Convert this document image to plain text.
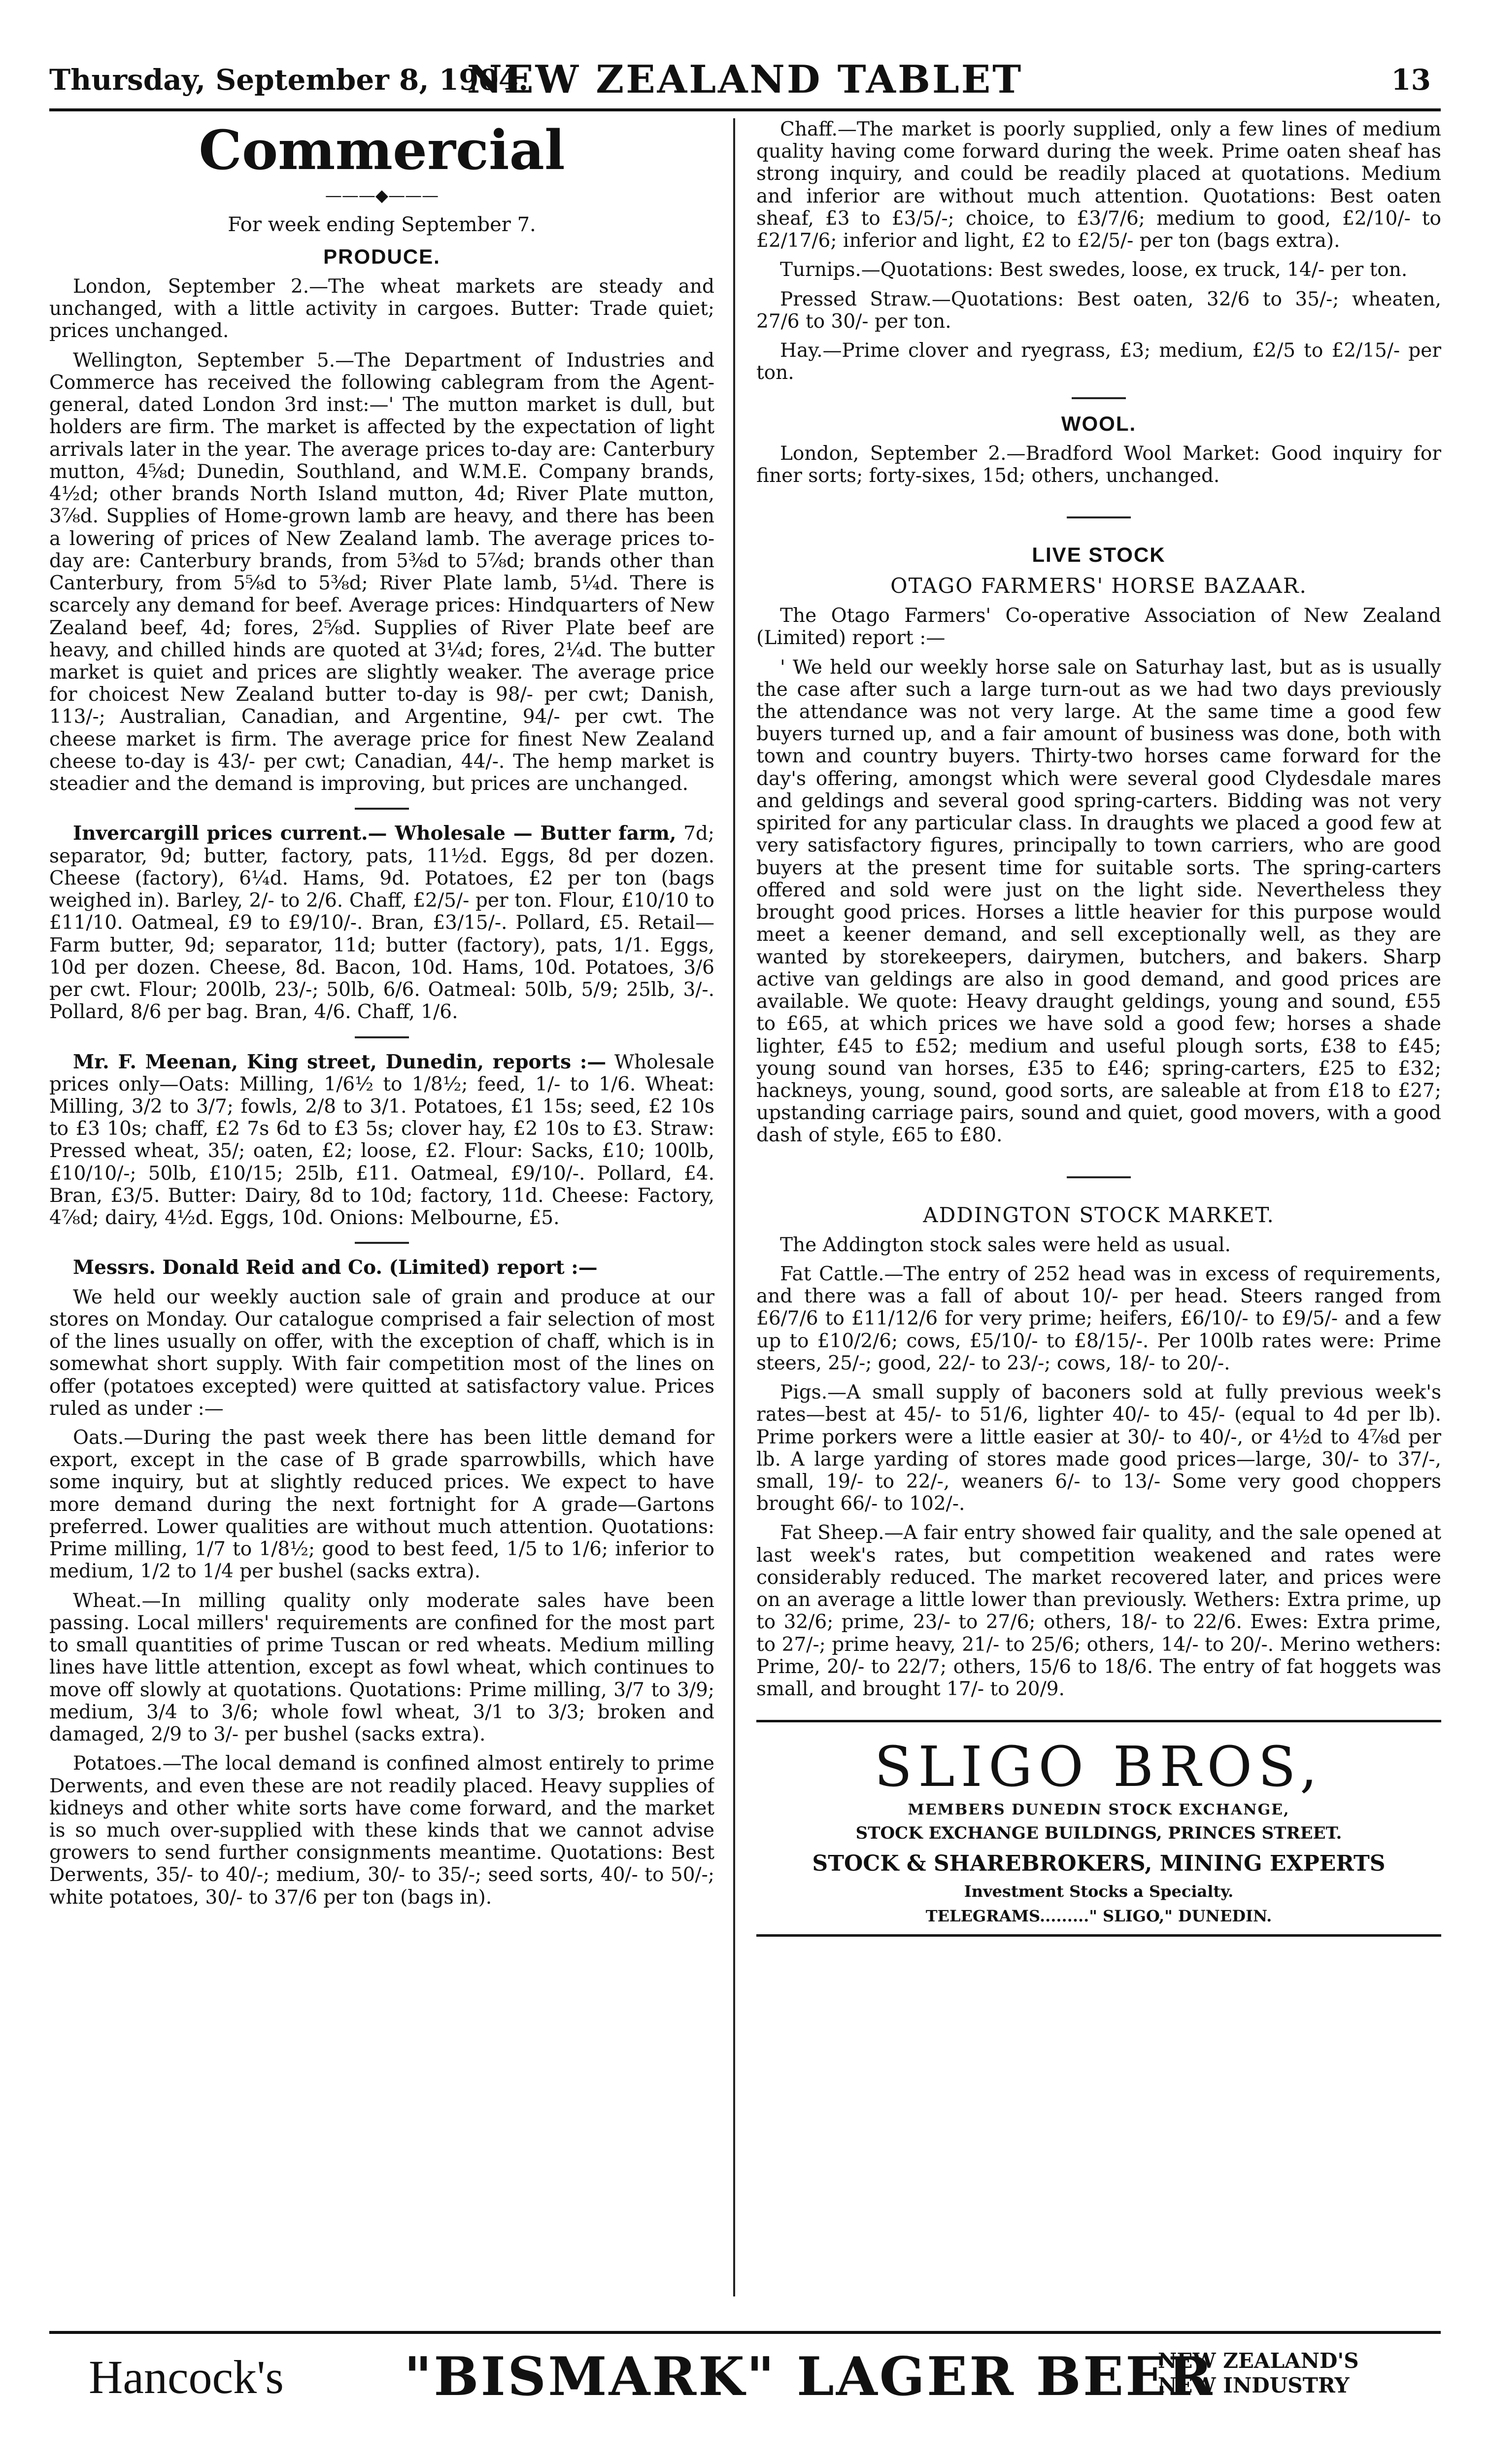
Thursday, September 8, 1904.
NEW ZEALAND TABLET	13
Commercial
———◆———
For week ending September 7.
PRODUCE.

London, September 2.—The wheat markets are steady and unchanged, with a little activity in cargoes. Butter: Trade quiet; prices unchanged.

Wellington, September 5.—The Department of Industries and Commerce has received the following cablegram from the Agent-general, dated London 3rd inst:—' The mutton market is dull, but holders are firm. The market is affected by the expectation of light arrivals later in the year. The average prices to-day are: Canterbury mutton, 4⅝d; Dunedin, Southland, and W.M.E. Company brands, 4½d; other brands North Island mutton, 4d; River Plate mutton, 3⅞d. Supplies of Home-grown lamb are heavy, and there has been a lowering of prices of New Zealand lamb. The average prices to-day are: Canterbury brands, from 5⅜d to 5⅞d; brands other than Canterbury, from 5⅝d to 5⅜d; River Plate lamb, 5¼d. There is scarcely any demand for beef. Average prices: Hindquarters of New Zealand beef, 4d; fores, 2⅝d. Supplies of River Plate beef are heavy, and chilled hinds are quoted at 3¼d; fores, 2¼d. The butter market is quiet and prices are slightly weaker. The average price for choicest New Zealand butter to-day is 98/- per cwt; Danish, 113/-; Australian, Canadian, and Argentine, 94/- per cwt. The cheese market is firm. The average price for finest New Zealand cheese to-day is 43/- per cwt; Canadian, 44/-. The hemp market is steadier and the demand is improving, but prices are unchanged.

Invercargill prices current.— Wholesale — Butter farm, 7d; separator, 9d; butter, factory, pats, 11½d. Eggs, 8d per dozen. Cheese (factory), 6¼d. Hams, 9d. Potatoes, £2 per ton (bags weighed in). Barley, 2/- to 2/6. Chaff, £2/5/- per ton. Flour, £10/10 to £11/10. Oatmeal, £9 to £9/10/-. Bran, £3/15/-. Pollard, £5. Retail—Farm butter, 9d; separator, 11d; butter (factory), pats, 1/1. Eggs, 10d per dozen. Cheese, 8d. Bacon, 10d. Hams, 10d. Potatoes, 3/6 per cwt. Flour; 200lb, 23/-; 50lb, 6/6. Oatmeal: 50lb, 5/9; 25lb, 3/-. Pollard, 8/6 per bag. Bran, 4/6. Chaff, 1/6.

Mr. F. Meenan, King street, Dunedin, reports :— Wholesale prices only—Oats: Milling, 1/6½ to 1/8½; feed, 1/- to 1/6. Wheat: Milling, 3/2 to 3/7; fowls, 2/8 to 3/1. Potatoes, £1 15s; seed, £2 10s to £3 10s; chaff, £2 7s 6d to £3 5s; clover hay, £2 10s to £3. Straw: Pressed wheat, 35/; oaten, £2; loose, £2. Flour: Sacks, £10; 100lb, £10/10/-; 50lb, £10/15; 25lb, £11. Oatmeal, £9/10/-. Pollard, £4. Bran, £3/5. Butter: Dairy, 8d to 10d; factory, 11d. Cheese: Factory, 4⅞d; dairy, 4½d. Eggs, 10d. Onions: Melbourne, £5.

Messrs. Donald Reid and Co. (Limited) report :—

We held our weekly auction sale of grain and produce at our stores on Monday. Our catalogue comprised a fair selection of most of the lines usually on offer, with the exception of chaff, which is in somewhat short supply. With fair competition most of the lines on offer (potatoes excepted) were quitted at satisfactory value. Prices ruled as under :—

Oats.—During the past week there has been little demand for export, except in the case of B grade sparrowbills, which have some inquiry, but at slightly reduced prices. We expect to have more demand during the next fortnight for A grade—Gartons preferred. Lower qualities are without much attention. Quotations: Prime milling, 1/7 to 1/8½; good to best feed, 1/5 to 1/6; inferior to medium, 1/2 to 1/4 per bushel (sacks extra).

Wheat.—In milling quality only moderate sales have been passing. Local millers' requirements are confined for the most part to small quantities of prime Tuscan or red wheats. Medium milling lines have little attention, except as fowl wheat, which continues to move off slowly at quotations. Quotations: Prime milling, 3/7 to 3/9; medium, 3/4 to 3/6; whole fowl wheat, 3/1 to 3/3; broken and damaged, 2/9 to 3/- per bushel (sacks extra).

Potatoes.—The local demand is confined almost entirely to prime Derwents, and even these are not readily placed. Heavy supplies of kidneys and other white sorts have come forward, and the market is so much over-supplied with these kinds that we cannot advise growers to send further consignments meantime. Quotations: Best Derwents, 35/- to 40/-; medium, 30/- to 35/-; seed sorts, 40/- to 50/-; white potatoes, 30/- to 37/6 per ton (bags in).

Chaff.—The market is poorly supplied, only a few lines of medium quality having come forward during the week. Prime oaten sheaf has strong inquiry, and could be readily placed at quotations. Medium and inferior are without much attention. Quotations: Best oaten sheaf, £3 to £3/5/-; choice, to £3/7/6; medium to good, £2/10/- to £2/17/6; inferior and light, £2 to £2/5/- per ton (bags extra).

Turnips.—Quotations: Best swedes, loose, ex truck, 14/- per ton.

Pressed Straw.—Quotations: Best oaten, 32/6 to 35/-; wheaten, 27/6 to 30/- per ton.

Hay.—Prime clover and ryegrass, £3; medium, £2/5 to £2/15/- per ton.

WOOL.

London, September 2.—Bradford Wool Market: Good inquiry for finer sorts; forty-sixes, 15d; others, unchanged.

LIVE STOCK
OTAGO FARMERS' HORSE BAZAAR.

The Otago Farmers' Co-operative Association of New Zealand (Limited) report :—

' We held our weekly horse sale on Saturhay last, but as is usually the case after such a large turn-out as we had two days previously the attendance was not very large. At the same time a good few buyers turned up, and a fair amount of business was done, both with town and country buyers. Thirty-two horses came forward for the day's offering, amongst which were several good Clydesdale mares and geldings and several good spring-carters. Bidding was not very spirited for any particular class. In draughts we placed a good few at very satisfactory figures, principally to town carriers, who are good buyers at the present time for suitable sorts. The spring-carters offered and sold were just on the light side. Nevertheless they brought good prices. Horses a little heavier for this purpose would meet a keener demand, and sell exceptionally well, as they are wanted by storekeepers, dairymen, butchers, and bakers. Sharp active van geldings are also in good demand, and good prices are available. We quote: Heavy draught geldings, young and sound, £55 to £65, at which prices we have sold a good few; horses a shade lighter, £45 to £52; medium and useful plough sorts, £38 to £45; young sound van horses, £35 to £46; spring-carters, £25 to £32; hackneys, young, sound, good sorts, are saleable at from £18 to £27; upstanding carriage pairs, sound and quiet, good movers, with a good dash of style, £65 to £80.

ADDINGTON STOCK MARKET.

The Addington stock sales were held as usual.

Fat Cattle.—The entry of 252 head was in excess of requirements, and there was a fall of about 10/- per head. Steers ranged from £6/7/6 to £11/12/6 for very prime; heifers, £6/10/- to £9/5/- and a few up to £10/2/6; cows, £5/10/- to £8/15/-. Per 100lb rates were: Prime steers, 25/-; good, 22/- to 23/-; cows, 18/- to 20/-.

Pigs.—A small supply of baconers sold at fully previous week's rates—best at 45/- to 51/6, lighter 40/- to 45/- (equal to 4d per lb). Prime porkers were a little easier at 30/- to 40/-, or 4½d to 4⅞d per lb. A large yarding of stores made good prices—large, 30/- to 37/-, small, 19/- to 22/-, weaners 6/- to 13/- Some very good choppers brought 66/- to 102/-.

Fat Sheep.—A fair entry showed fair quality, and the sale opened at last week's rates, but competition weakened and rates were considerably reduced. The market recovered later, and prices were on an average a little lower than previously. Wethers: Extra prime, up to 32/6; prime, 23/- to 27/6; others, 18/- to 22/6. Ewes: Extra prime, to 27/-; prime heavy, 21/- to 25/6; others, 14/- to 20/-. Merino wethers: Prime, 20/- to 22/7; others, 15/6 to 18/6. The entry of fat hoggets was small, and brought 17/- to 20/9.

SLIGO BROS,
MEMBERS DUNEDIN STOCK EXCHANGE,
STOCK EXCHANGE BUILDINGS, PRINCES STREET.
STOCK & SHAREBROKERS, MINING EXPERTS
Investment Stocks a Specialty.
TELEGRAMS........." SLIGO," DUNEDIN.
Hancock's "BISMARK" LAGER BEER
NEW ZEALAND'S
NEW INDUSTRY
